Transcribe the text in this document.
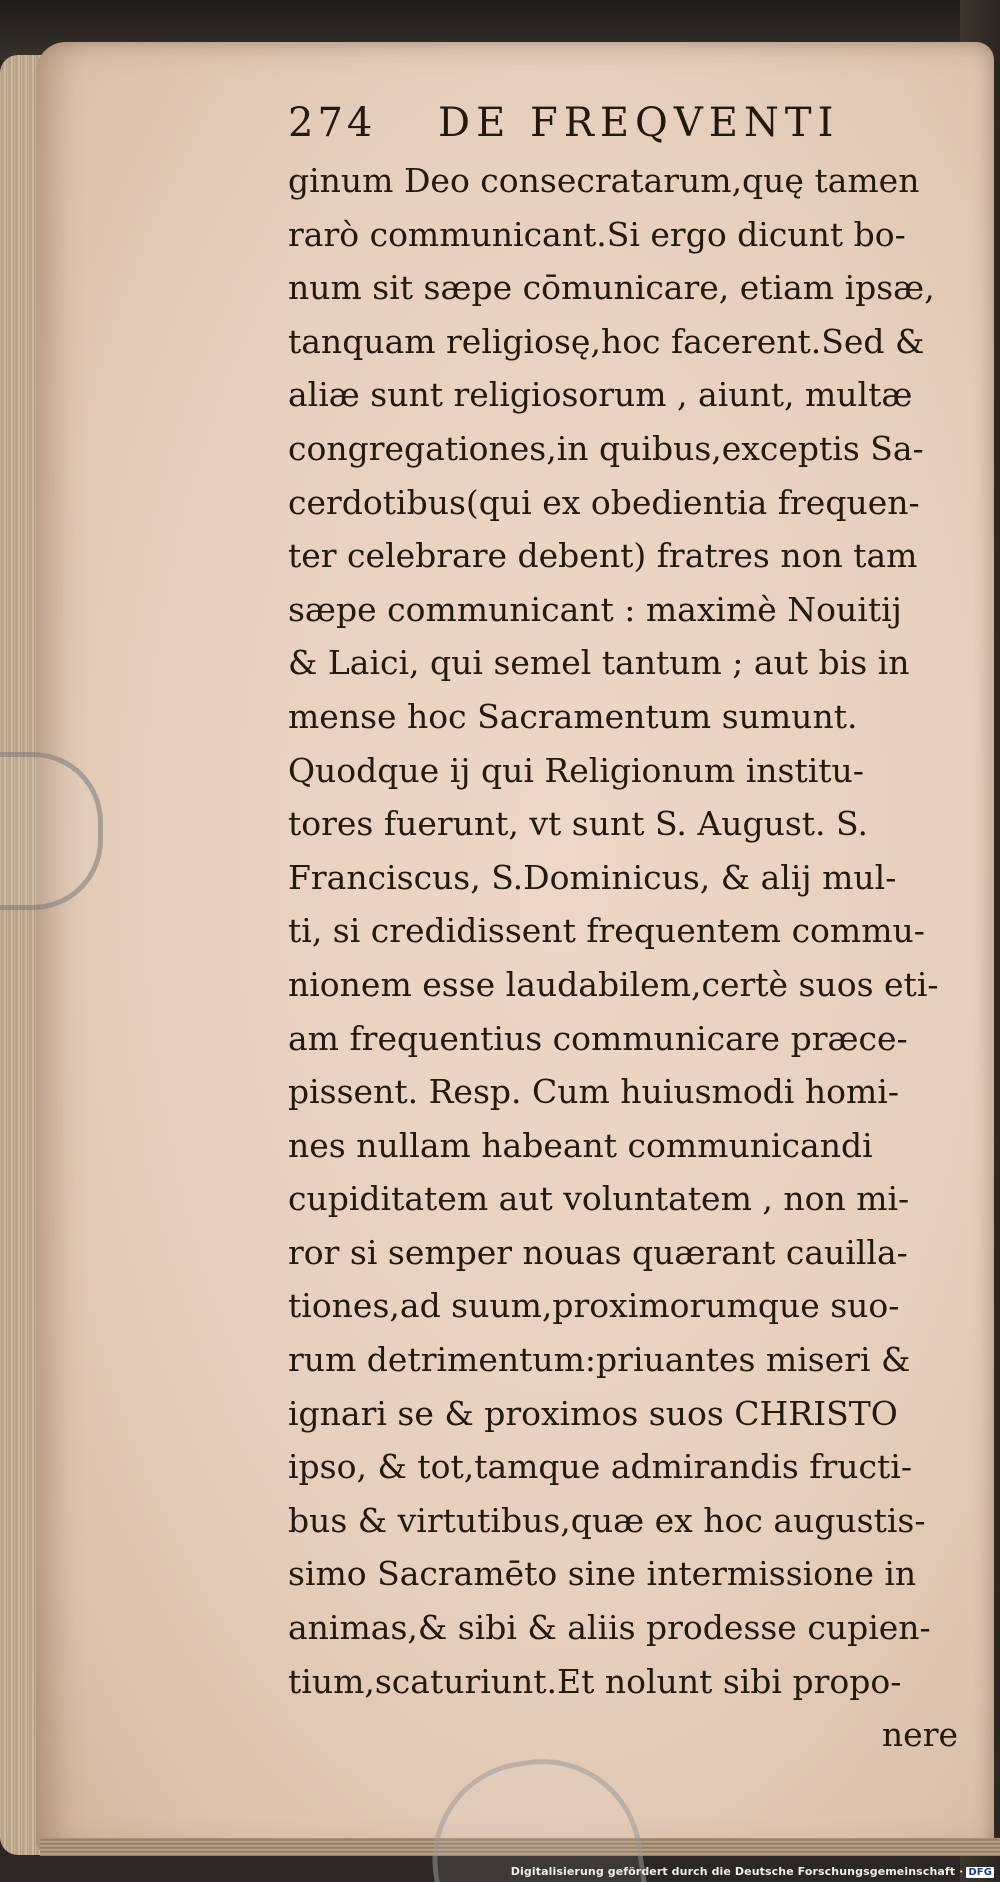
274	DE FREQVENTI
ginum Deo consecratarum,quę tamen
rarò communicant.Si ergo dicunt bo-
num sit sæpe cōmunicare, etiam ipsæ,
tanquam religiosę,hoc facerent.Sed &
aliæ sunt religiosorum , aiunt, multæ
congregationes,in quibus,exceptis Sa-
cerdotibus(qui ex obedientia frequen-
ter celebrare debent) fratres non tam
sæpe communicant : maximè Nouitij
& Laici, qui semel tantum ; aut bis in
mense hoc Sacramentum sumunt.
Quodque ij qui Religionum institu-
tores fuerunt, vt sunt S. August. S.
Franciscus, S.Dominicus, & alij mul-
ti, si credidissent frequentem commu-
nionem esse laudabilem,certè suos eti-
am frequentius communicare præce-
pissent. Resp. Cum huiusmodi homi-
nes nullam habeant communicandi
cupiditatem aut voluntatem , non mi-
ror si semper nouas quærant cauilla-
tiones,ad suum,proximorumque suo-
rum detrimentum:priuantes miseri &
ignari se & proximos suos CHRISTO
ipso, & tot,tamque admirandis fructi-
bus & virtutibus,quæ ex hoc augustis-
simo Sacramēto sine intermissione in
animas,& sibi & aliis prodesse cupien-
tium,scaturiunt.Et nolunt sibi propo-
nere
Digitalisierung gefördert durch die Deutsche Forschungsgemeinschaft · DFG
